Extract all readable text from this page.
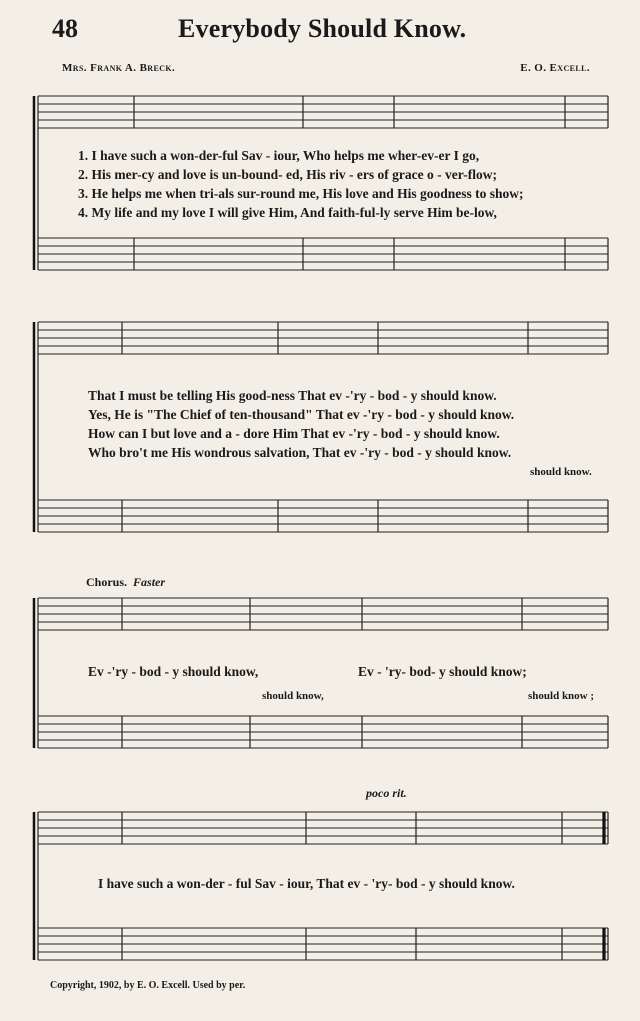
48	Everybody Should Know.
Mrs. Frank A. Breck.	E. O. Excell.
1. I have such a won-der-ful Sav - iour, Who helps me wher-ev-er I go,
2. His mer-cy and love is un-bound- ed, His riv - ers of grace o - ver-flow;
3. He helps me when tri-als sur-round me, His love and His goodness to show;
4. My life and my love I will give Him, And faith-ful-ly serve Him be-low,
That I must be telling His good-ness That ev -'ry - bod - y should know.
Yes, He is "The Chief of ten-thousand" That ev -'ry - bod - y should know.
How can I but love and a - dore Him That ev -'ry - bod - y should know.
Who bro't me His wondrous salvation, That ev -'ry - bod - y should know.
should know.
Chorus. Faster
Ev -'ry - bod - y should know,	Ev - 'ry- bod- y should know;
should know,	should know ;
poco rit.
I have such a won-der - ful Sav - iour, That ev - 'ry- bod - y should know.
Copyright, 1902, by E. O. Excell. Used by per.
